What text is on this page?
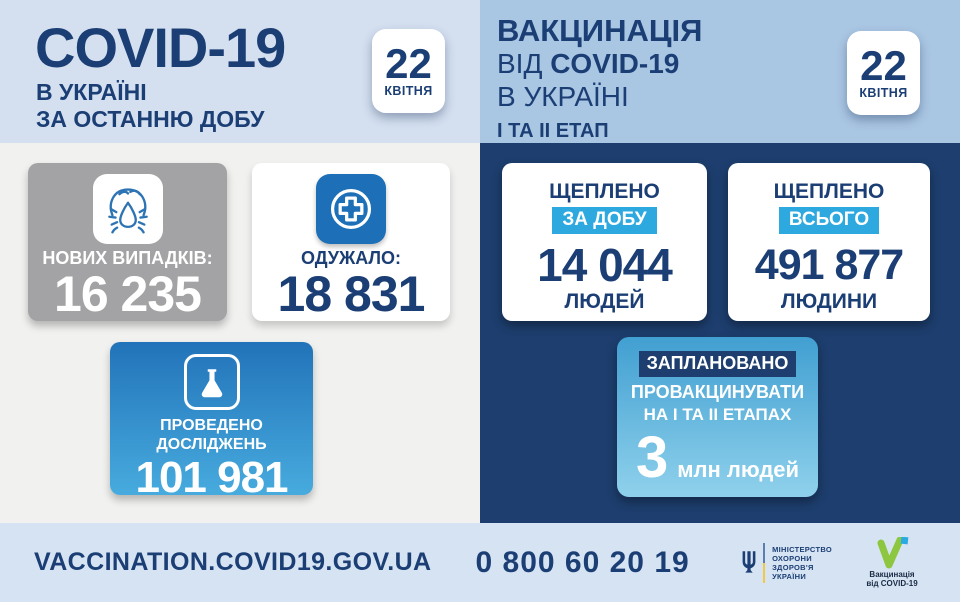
COVID-19
В УКРАЇНІ
ЗА ОСТАННЮ ДОБУ
22
КВІТНЯ
ВАКЦИНАЦІЯ
ВІД COVID-19
В УКРАЇНІ
І ТА ІІ ЕТАП
22
КВІТНЯ
НОВИХ ВИПАДКІВ:
16 235
ОДУЖАЛО:
18 831
ПРОВЕДЕНО ДОСЛІДЖЕНЬ
101 981
ЩЕПЛЕНО
ЗА ДОБУ
14 044
ЛЮДЕЙ
ЩЕПЛЕНО
ВСЬОГО
491 877
ЛЮДИНИ
ЗАПЛАНОВАНО
ПРОВАКЦИНУВАТИ
НА І ТА ІІ ЕТАПАХ
3 млн людей
VACCINATION.COVID19.GOV.UA 0 800 60 20 19	МІНІСТЕРСТВО
ОХОРОНИ
ЗДОРОВ'Я
УКРАЇНИ	Вакцинація
від COVID-19
